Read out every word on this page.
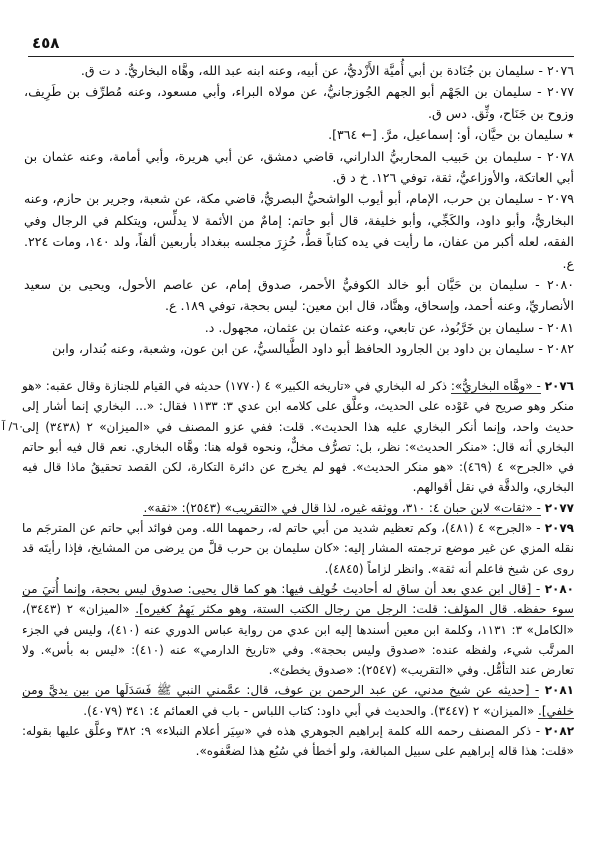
٤٥٨
٦٠/ آ

٢٠٧٦ - سليمان بن جُنَادة بن أبي أُميَّة الأَزْديُّ، عن أبيه، وعنه ابنه عبد الله، وهَّاه البخاريُّ. د ت ق.

٢٠٧٧ - سليمان بن الجَهْم أبو الجهم الجُوزجانيُّ، عن مولاه البراء، وأبي مسعود، وعنه مُطرِّف بن طَرِيف، وزوح بن جَنَاح، وثِّق. دس ق.

٭ سليمان بن حيَّان، أو: إسماعيل، مرَّ. [← ٣٦٤].

٢٠٧٨ - سليمان بن حَبيب المحاربيُّ الداراني، قاضي دمشق، عن أبي هريرة، وأبي أمامة، وعنه عثمان بن أبي العاتكة، والأوزاعيُّ، ثقة، توفي ١٢٦. خ د ق.

٢٠٧٩ - سليمان بن حرب، الإمام، أبو أيوب الواشحيُّ البصريُّ، قاضي مكة، عن شعبة، وجرير بن حازم، وعنه البخاريُّ، وأبو داود، والكَجِّي، وأبو خليفة، قال أبو حاتم: إمامٌ من الأئمة لا يدلِّس، ويتكلم في الرجال وفي الفقه، لعله أكبر من عفان، ما رأيت في يده كتاباً قطُّ، حُزِرَ مجلسه ببغداد بأربعين ألفاً، ولد ١٤٠، ومات ٢٢٤. ع.

٢٠٨٠ - سليمان بن حَيَّان أبو خالد الكوفيُّ الأحمر، صدوق إمام، عن عاصم الأحول، ويحيى بن سعيد الأنصاريِّ، وعنه أحمد، وإسحاق، وهنَّاد، قال ابن معين: ليس بحجة، توفي ١٨٩. ع.

٢٠٨١ - سليمان بن خَرَّبُوذ، عن تابعي، وعنه عثمان بن عثمان، مجهول. د.

٢٠٨٢ - سليمان بن داود بن الجارود الحافظ أبو داود الطَّيالسيُّ، عن ابن عون، وشعبة، وعنه بُندار، وابن

٢٠٧٦ - «وهَّاه البخاريُّ»: ذكر له البخاري في «تاريخه الكبير» ٤ (١٧٧٠) حديثه في القيام للجنازة وقال عقبه: «هو منكر وهو صريح في عَوْده على الحديث، وعلَّق على كلامه ابن عدي ٣: ١١٣٣ فقال: «... البخاري إنما أشار إلى حديث واحد، وإنما أنكر البخاري عليه هذا الحديث». قلت: ففي عزو المصنف في «الميزان» ٢ (٣٤٣٨) إلى البخاري أنه قال: «منكر الحديث»: نظر، بل: تصرُّف مخلٌّ، ونحوه قوله هنا: وهَّاه البخاري. نعم قال فيه أبو حاتم في «الجرح» ٤ (٤٦٩): «هو منكر الحديث». فهو لم يخرج عن دائرة التكارة، لكن القصد تحقيقُ ماذا قال فيه البخاري، والدقَّة في نقل أقوالهم.

٢٠٧٧ - «ثقات» لابن حبان ٤: ٣١٠، ووثقه غيره، لذا قال في «التقريب» (٢٥٤٣): «ثقة».

٢٠٧٩ - «الجرح» ٤ (٤٨١)، وكم تعظيم شديد من أبي حاتم له، رحمهما الله. ومن فوائد أبي حاتم عن المترجَم ما نقله المزي عن غير موضع ترجمته المشار إليه: «كان سليمان بن حرب قلَّ من يرضى من المشايخ، فإذا رأيتَه قد روى عن شيخ فاعلم أنه ثقة». وانظر لزاماً (٤٨٤٥).

٢٠٨٠ - [قال ابن عدي بعد أن ساق له أحاديث خُولِف فيها: هو كما قال يحيى: صدوق ليس بحجة، وإنما أُتيَ من سوء حفظه. قال المؤلف: قلت: الرجل من رجال الكتب الستة، وهو مكثر يَهِمُ كغيره]. «الميزان» ٢ (٣٤٤٣)، «الكامل» ٣: ١١٣١، وكلمة ابن معين أسندها إليه ابن عدي من رواية عباس الدوري عنه (٤١٠)، وليس في الجزء المرتَّب شيء، ولفظه عنده: «صدوق وليس بحجة». وفي «تاريخ الدارمي» عنه (٤١٠): «ليس به بأس». ولا تعارض عند التأمُّل. وفي «التقريب» (٢٥٤٧): «صدوق يخطئ».

٢٠٨١ - [حديثه عن شيخ مدني، عن عبد الرحمن بن عوف، قال: عمَّمني النبي ﷺ فَسَدَلَها من بين يديَّ ومن خلفي]. «الميزان» ٢ (٣٤٤٧). والحديث في أبي داود: كتاب اللباس - باب في العمائم ٤: ٣٤١ (٤٠٧٩).

٢٠٨٢ - ذكر المصنف رحمه الله كلمة إبراهيم الجوهري هذه في «سِيَر أعلام النبلاء» ٩: ٣٨٢ وعلَّق عليها بقوله: «قلت: هذا قاله إبراهيم على سبيل المبالغة، ولو أخطأ في سُبُع هذا لضعَّفوه».
